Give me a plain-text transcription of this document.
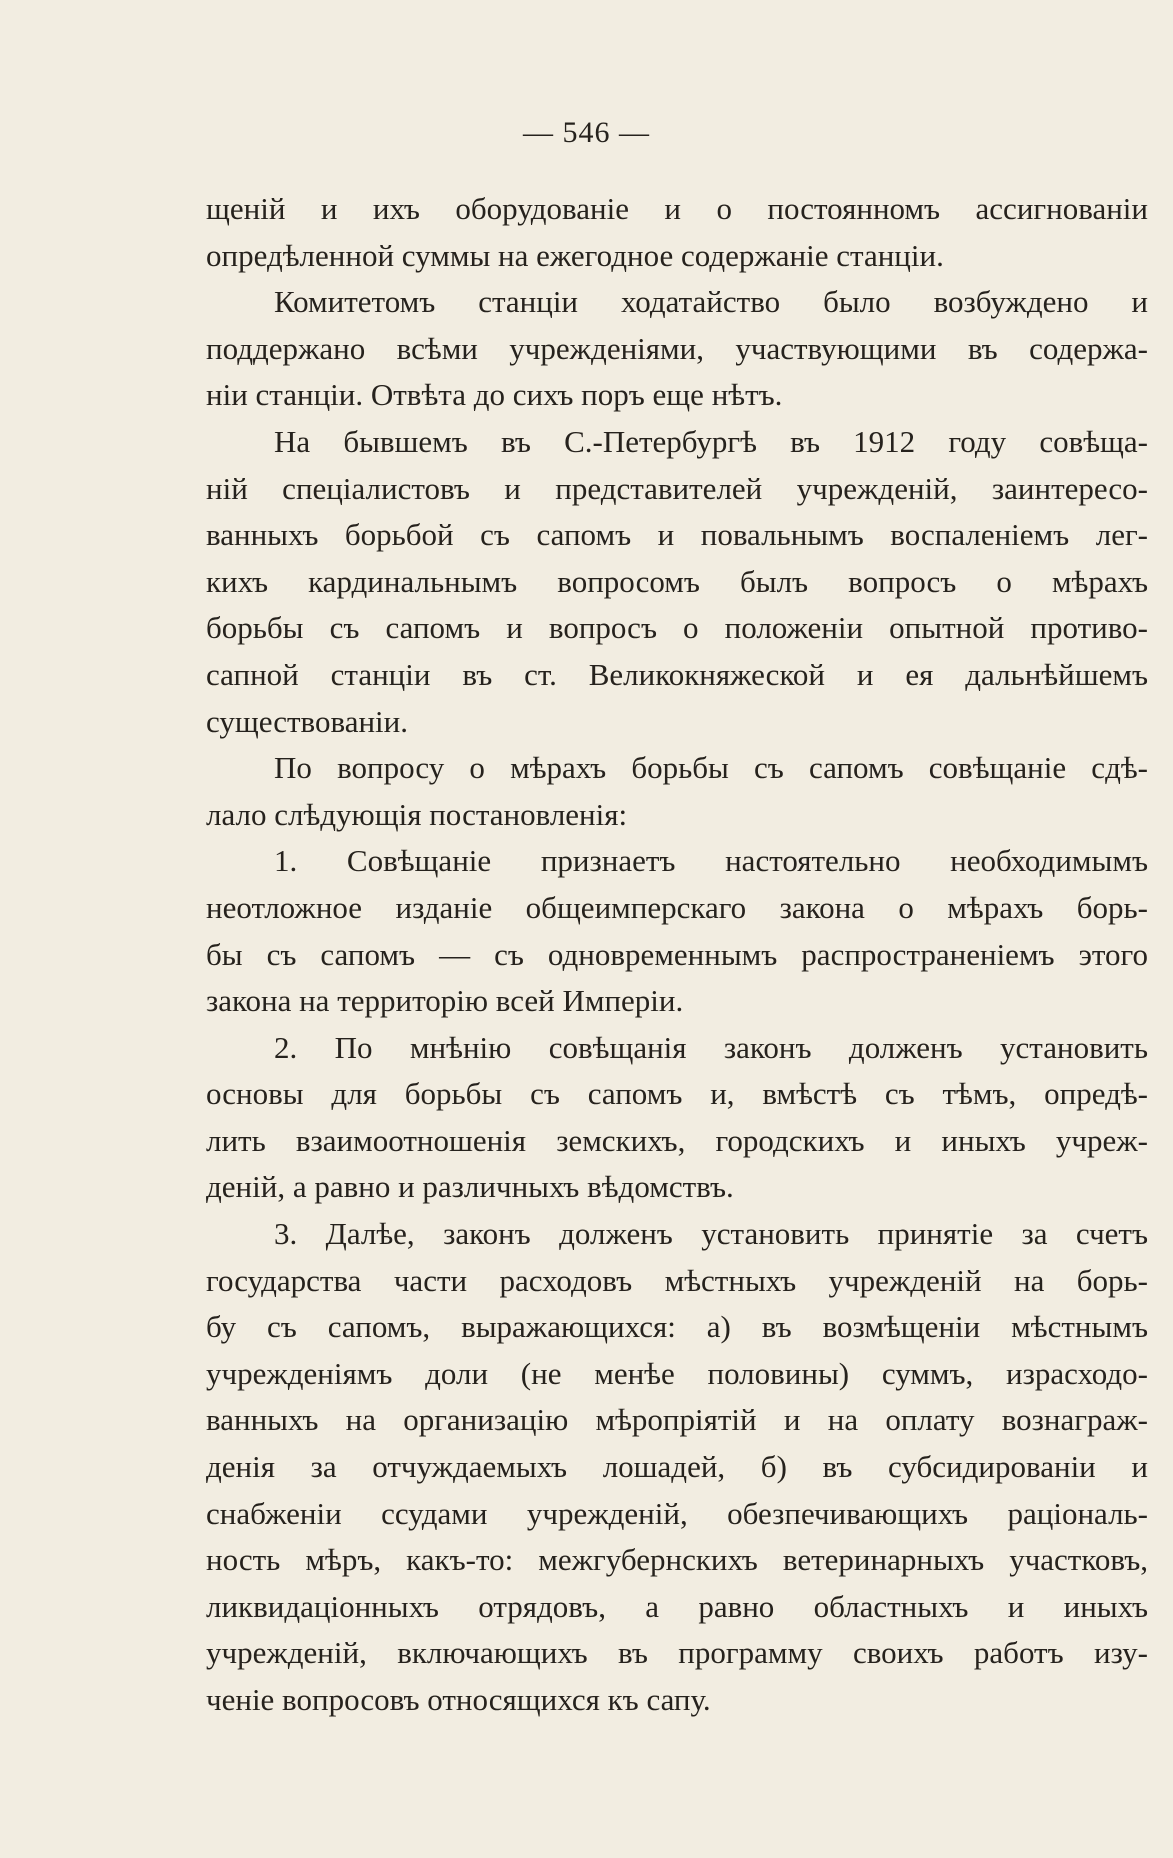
— 546 —
щеній и ихъ оборудованіе и о постоянномъ ассигнованіи
опредѣленной суммы на ежегодное содержаніе станціи.
Комитетомъ станціи ходатайство было возбуждено и
поддержано всѣми учрежденіями, участвующими въ содержа-
ніи станціи. Отвѣта до сихъ поръ еще нѣтъ.
На бывшемъ въ С.-Петербургѣ въ 1912 году совѣща-
ній спеціалистовъ и представителей учрежденій, заинтересо-
ванныхъ борьбой съ сапомъ и повальнымъ воспаленіемъ лег-
кихъ кардинальнымъ вопросомъ былъ вопросъ о мѣрахъ
борьбы съ сапомъ и вопросъ о положеніи опытной противо-
сапной станціи въ ст. Великокняжеской и ея дальнѣйшемъ
существованіи.
По вопросу о мѣрахъ борьбы съ сапомъ совѣщаніе сдѣ-
лало слѣдующія постановленія:
1. Совѣщаніе признаетъ настоятельно необходимымъ
неотложное изданіе общеимперскаго закона о мѣрахъ борь-
бы съ сапомъ — съ одновременнымъ распространеніемъ этого
закона на территорію всей Имперіи.
2. По мнѣнію совѣщанія законъ долженъ установить
основы для борьбы съ сапомъ и, вмѣстѣ съ тѣмъ, опредѣ-
лить взаимоотношенія земскихъ, городскихъ и иныхъ учреж-
деній, а равно и различныхъ вѣдомствъ.
3. Далѣе, законъ долженъ установить принятіе за счетъ
государства части расходовъ мѣстныхъ учрежденій на борь-
бу съ сапомъ, выражающихся: а) въ возмѣщеніи мѣстнымъ
учрежденіямъ доли (не менѣе половины) суммъ, израсходо-
ванныхъ на организацію мѣропріятій и на оплату вознаграж-
денія за отчуждаемыхъ лошадей, б) въ субсидированіи и
снабженіи ссудами учрежденій, обезпечивающихъ раціональ-
ность мѣръ, какъ-то: межгубернскихъ ветеринарныхъ участковъ,
ликвидаціонныхъ отрядовъ, а равно областныхъ и иныхъ
учрежденій, включающихъ въ программу своихъ работъ изу-
ченіе вопросовъ относящихся къ сапу.
